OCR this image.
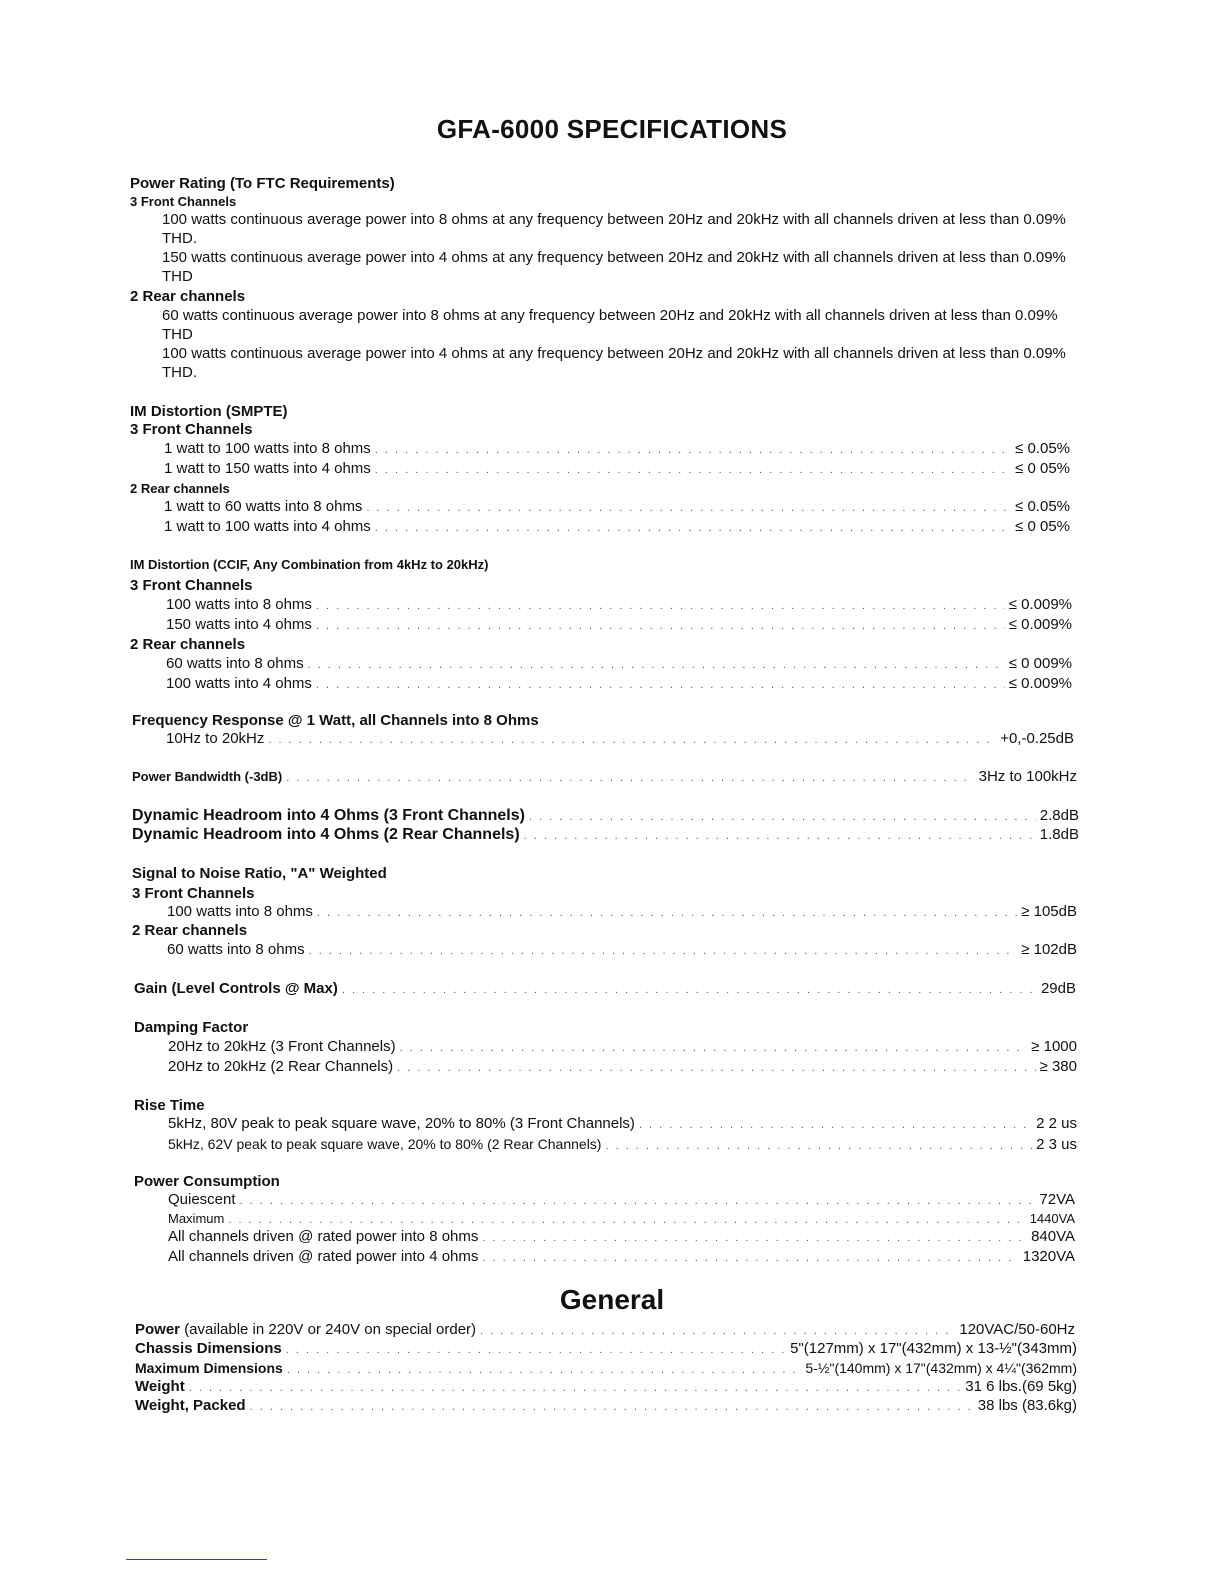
GFA-6000 SPECIFICATIONS
Power Rating (To FTC Requirements)
3 Front Channels
100 watts continuous average power into 8 ohms at any frequency between 20Hz and 20kHz with all channels driven at less than 0.09% THD.
150 watts continuous average power into 4 ohms at any frequency between 20Hz and 20kHz with all channels driven at less than 0.09% THD
2 Rear channels
60 watts continuous average power into 8 ohms at any frequency between 20Hz and 20kHz with all channels driven at less than 0.09% THD
100 watts continuous average power into 4 ohms at any frequency between 20Hz and 20kHz with all channels driven at less than 0.09% THD.
IM Distortion (SMPTE)
3 Front Channels
1 watt to 100 watts into 8 ohms . . .	≤ 0.05%
1 watt to 150 watts into 4 ohms . . .	≤ 0 05%
2 Rear channels
1 watt to 60 watts into 8 ohms . . .	≤ 0.05%
1 watt to 100 watts into 4 ohms . . .	≤ 0 05%
IM Distortion (CCIF, Any Combination from 4kHz to 20kHz)
3 Front Channels
100 watts into 8 ohms . . .	≤ 0.009%
150 watts into 4 ohms . . .	≤ 0.009%
2 Rear channels
60 watts into 8 ohms . . .	≤ 0 009%
100 watts into 4 ohms . . .	≤ 0.009%
Frequency Response @ 1 Watt, all Channels into 8 Ohms
10Hz to 20kHz . . .	+0,-0.25dB
Power Bandwidth (-3dB) . . .	3Hz to 100kHz
Dynamic Headroom into 4 Ohms (3 Front Channels) . . .	2.8dB
Dynamic Headroom into 4 Ohms (2 Rear Channels) . . .	1.8dB
Signal to Noise Ratio, "A" Weighted
3 Front Channels
100 watts into 8 ohms . . .	≥ 105dB
2 Rear channels
60 watts into 8 ohms . . .	≥ 102dB
Gain (Level Controls @ Max) . . .	29dB
Damping Factor
20Hz to 20kHz (3 Front Channels) . . .	≥ 1000
20Hz to 20kHz (2 Rear Channels) . . .	≥ 380
Rise Time
5kHz, 80V peak to peak square wave, 20% to 80% (3 Front Channels) . . .	2 2 us
5kHz, 62V peak to peak square wave, 20% to 80% (2 Rear Channels) . . .	2 3 us
Power Consumption
Quiescent . . .	72VA
Maximum . . .	1440VA
All channels driven @ rated power into 8 ohms . . .	840VA
All channels driven @ rated power into 4 ohms . . .	1320VA
General
Power (available in 220V or 240V on special order) . . .	120VAC/50-60Hz
Chassis Dimensions . . .	5"(127mm) x 17"(432mm) x 13-½"(343mm)
Maximum Dimensions . . .	5-½"(140mm) x 17"(432mm) x 4¼"(362mm)
Weight . . .	31 6 lbs.(69 5kg)
Weight, Packed . . .	38 lbs (83.6kg)
